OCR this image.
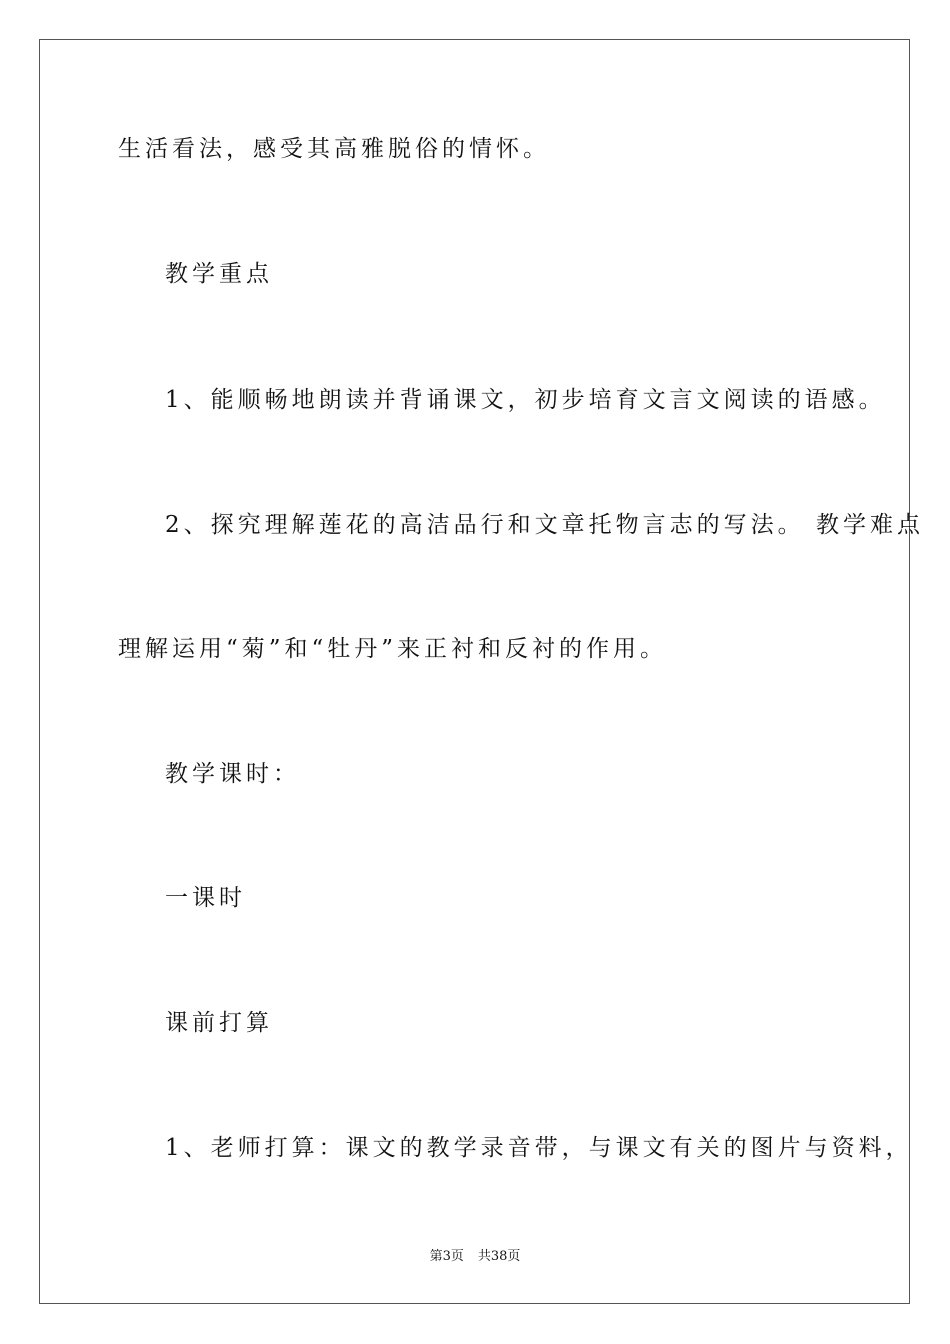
生活看法，感受其高雅脱俗的情怀。
教学重点
1、能顺畅地朗读并背诵课文，初步培育文言文阅读的语感。
2、探究理解莲花的高洁品行和文章托物言志的写法。 教学难点
理解运用“菊”和“牡丹”来正衬和反衬的作用。
教学课时：
一课时
课前打算
1、老师打算：课文的教学录音带，与课文有关的图片与资料，
第3页 共38页
